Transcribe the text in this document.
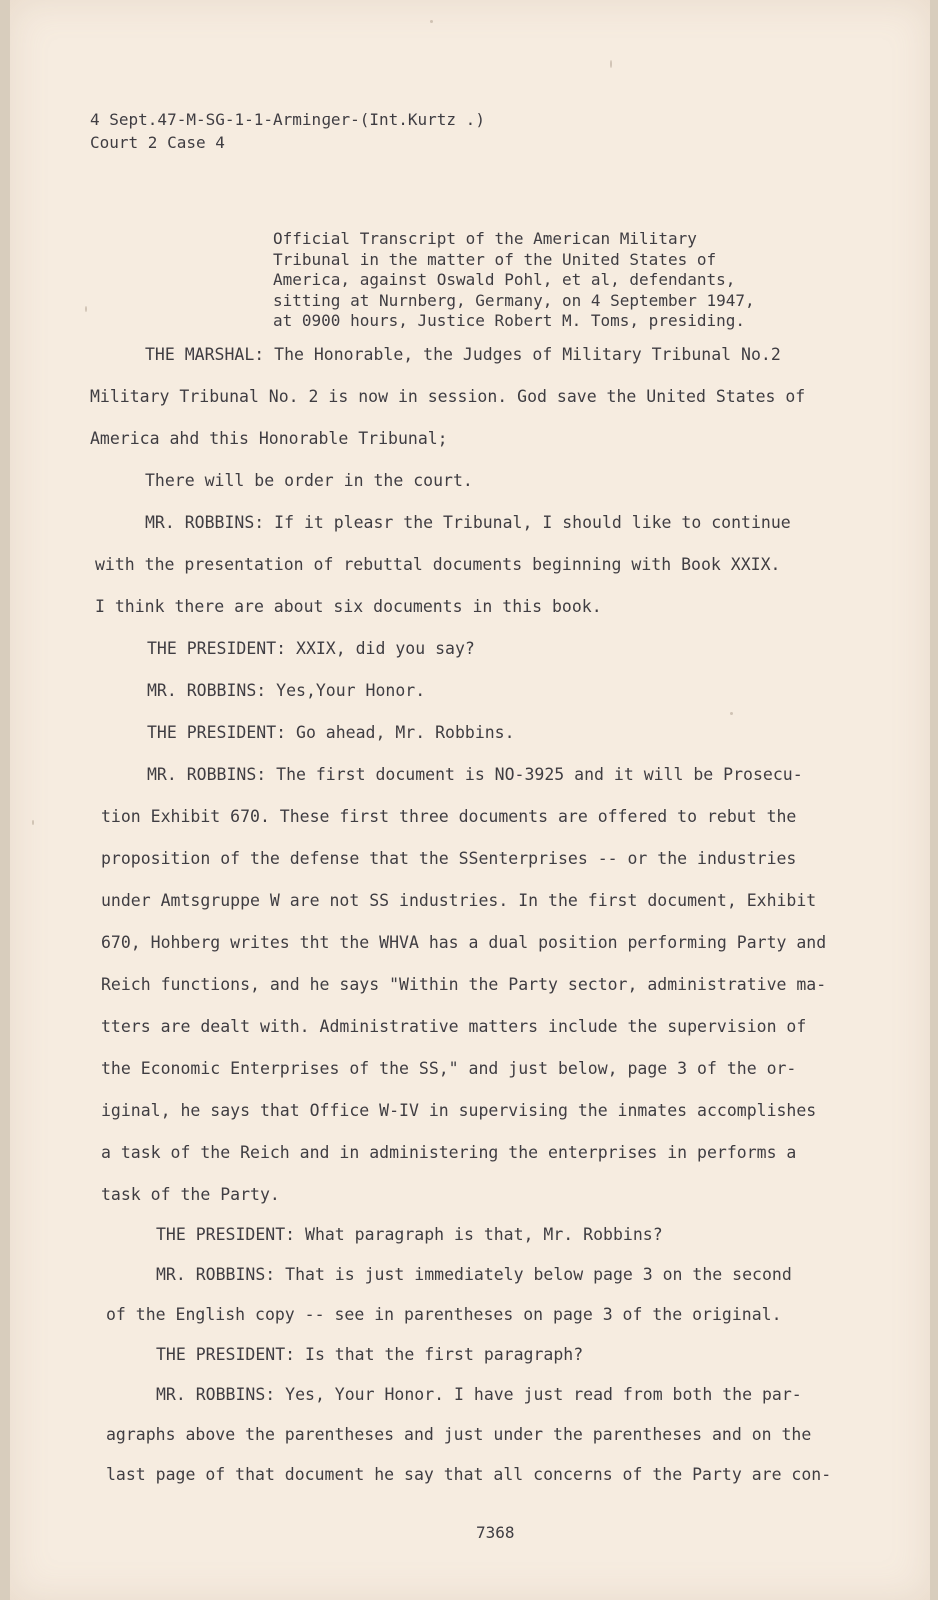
4 Sept.47-M-SG-1-1-Arminɡer-(Int.Kurtz .)
Court 2 Case 4
Official Transcript of the American Military
Tribunal in the matter of the United States of
America, against Oswald Pohl, et al, defendants,
sitting at Nurnberg, Germany, on 4 September 1947,
at 0900 hours, Justice Robert M. Toms, presiding.
THE MARSHAL: The Honorable, the Judges of Military Tribunal No.2
Military Tribunal No. 2 is now in session. God save the United States of
America ahd this Honorable Tribunal;
There will be order in the court.
MR. ROBBINS: If it pleasr the Tribunal, I should like to continue
with the presentation of rebuttal documents beginning with Book XXIX.
I think there are about six documents in this book.
THE PRESIDENT: XXIX, did you say?
MR. ROBBINS: Yes,Your Honor.
THE PRESIDENT: Go ahead, Mr. Robbins.
MR. ROBBINS: The first document is NO-3925 and it will be Prosecu-
tion Exhibit 670. These first three documents are offered to rebut the
proposition of the defense that the SSenterprises -- or the industries
under Amtsgruppe W are not SS industries. In the first document, Exhibit
670, Hohberg writes tht the WHVA has a dual position performing Party and
Reich functions, and he says "Within the Party sector, administrative ma-
tters are dealt with. Administrative matters include the supervision of
the Economic Enterprises of the SS," and just below, page 3 of the or-
iginal, he says that Office W-IV in supervising the inmates accomplishes
a task of the Reich and in administering the enterprises in performs a
task of the Party.
THE PRESIDENT: What paragraph is that, Mr. Robbins?
MR. ROBBINS: That is just immediately below page 3 on the second
of the English copy -- see in parentheses on page 3 of the original.
THE PRESIDENT: Is that the first paragraph?
MR. ROBBINS: Yes, Your Honor. I have just read from both the par-
agraphs above the parentheses and just under the parentheses and on the
last page of that document he say that all concerns of the Party are con-
7368
